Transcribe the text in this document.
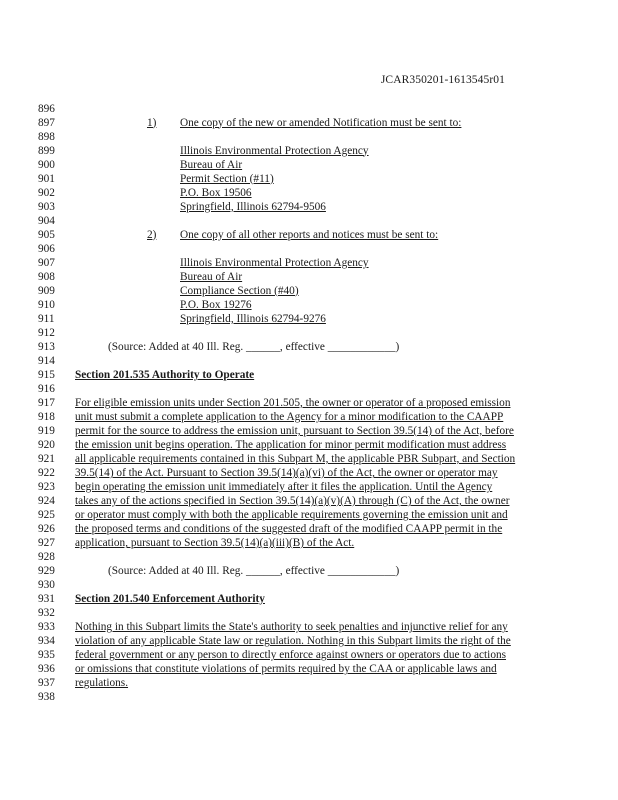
JCAR350201-1613545r01
896
897	1) One copy of the new or amended Notification must be sent to:
898
899	Illinois Environmental Protection Agency
900	Bureau of Air
901	Permit Section (#11)
902	P.O. Box 19506
903	Springfield, Illinois 62794-9506
904
905	2) One copy of all other reports and notices must be sent to:
906
907	Illinois Environmental Protection Agency
908	Bureau of Air
909	Compliance Section (#40)
910	P.O. Box 19276
911	Springfield, Illinois 62794-9276
912
913	(Source: Added at 40 Ill. Reg. ______, effective ____________)
914
915 Section 201.535 Authority to Operate
916
917 For eligible emission units under Section 201.505, the owner or operator of a proposed emission
918 unit must submit a complete application to the Agency for a minor modification to the CAAPP
919 permit for the source to address the emission unit, pursuant to Section 39.5(14) of the Act, before
920 the emission unit begins operation. The application for minor permit modification must address
921 all applicable requirements contained in this Subpart M, the applicable PBR Subpart, and Section
922 39.5(14) of the Act. Pursuant to Section 39.5(14)(a)(vi) of the Act, the owner or operator may
923 begin operating the emission unit immediately after it files the application. Until the Agency
924 takes any of the actions specified in Section 39.5(14)(a)(v)(A) through (C) of the Act, the owner
925 or operator must comply with both the applicable requirements governing the emission unit and
926 the proposed terms and conditions of the suggested draft of the modified CAAPP permit in the
927 application, pursuant to Section 39.5(14)(a)(iii)(B) of the Act.
928
929	(Source: Added at 40 Ill. Reg. ______, effective ____________)
930
931 Section 201.540 Enforcement Authority
932
933 Nothing in this Subpart limits the State's authority to seek penalties and injunctive relief for any
934 violation of any applicable State law or regulation. Nothing in this Subpart limits the right of the
935 federal government or any person to directly enforce against owners or operators due to actions
936 or omissions that constitute violations of permits required by the CAA or applicable laws and
937 regulations.
938
